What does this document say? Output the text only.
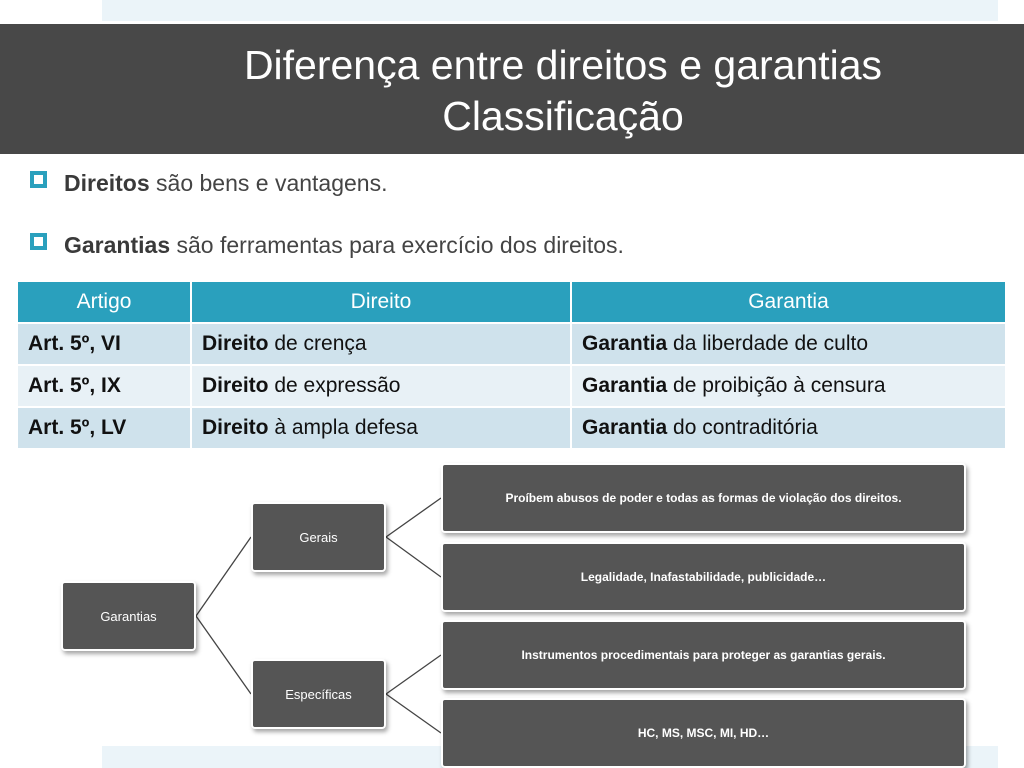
Diferença entre direitos e garantias
Classificação
Direitos são bens e vantagens.
Garantias são ferramentas para exercício dos direitos.
Artigo	Direito	Garantia
Art. 5º, VI	Direito de crença	Garantia da liberdade de culto
Art. 5º, IX	Direito de expressão	Garantia de proibição à censura
Art. 5º, LV	Direito à ampla defesa	Garantia do contraditória
Garantias
Gerais
Específicas
Proíbem abusos de poder e todas as formas de violação dos direitos.
Legalidade, Inafastabilidade, publicidade…
Instrumentos procedimentais para proteger as garantias gerais.
HC, MS, MSC, MI, HD…
